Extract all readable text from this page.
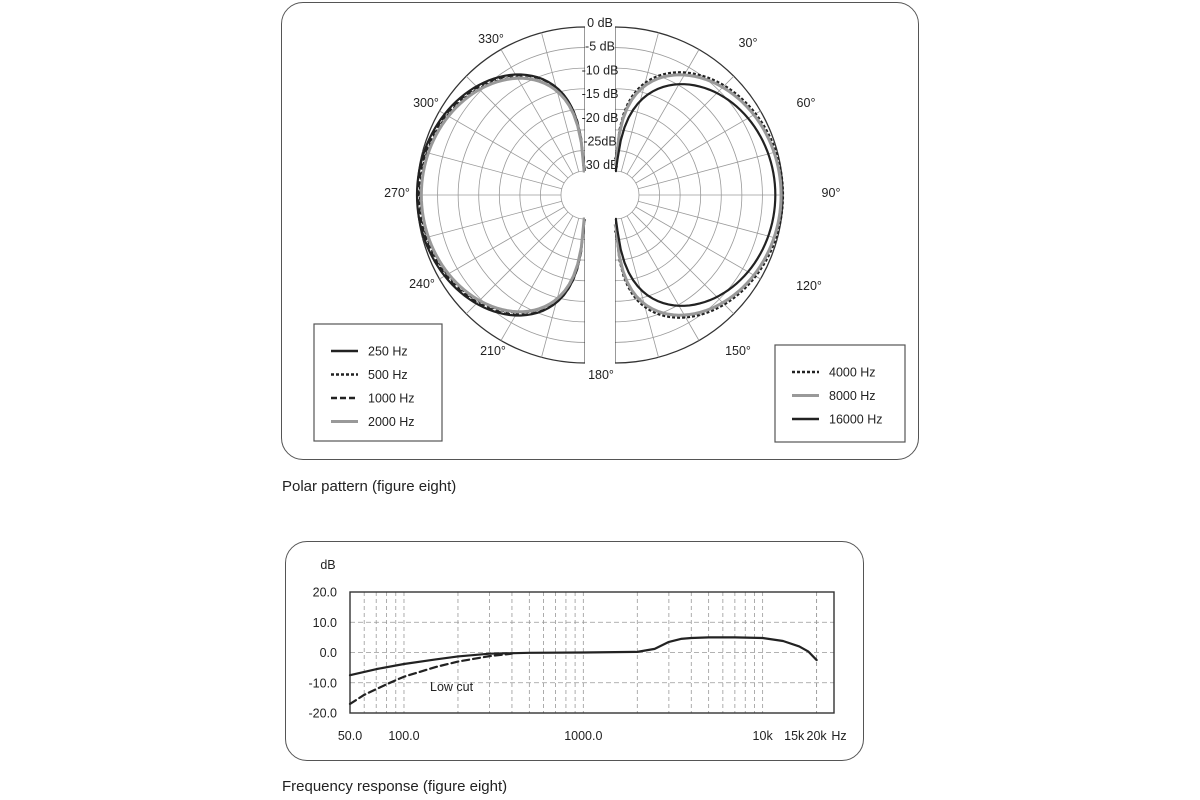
0 dB
-5 dB
-10 dB
-15 dB
-20 dB
-25dB
-30 dB
30°
60°
90°
120°
150°
180°
210°
240°
270°
300°
330°
250 Hz
500 Hz
1000 Hz
2000 Hz
4000 Hz
8000 Hz
16000 Hz
Polar pattern (figure eight)
20.0
10.0
0.0
-10.0
-20.0
dB
50.0 100.0	1000.0	10k 15k 20k Hz
Low cut
Frequency response (figure eight)
